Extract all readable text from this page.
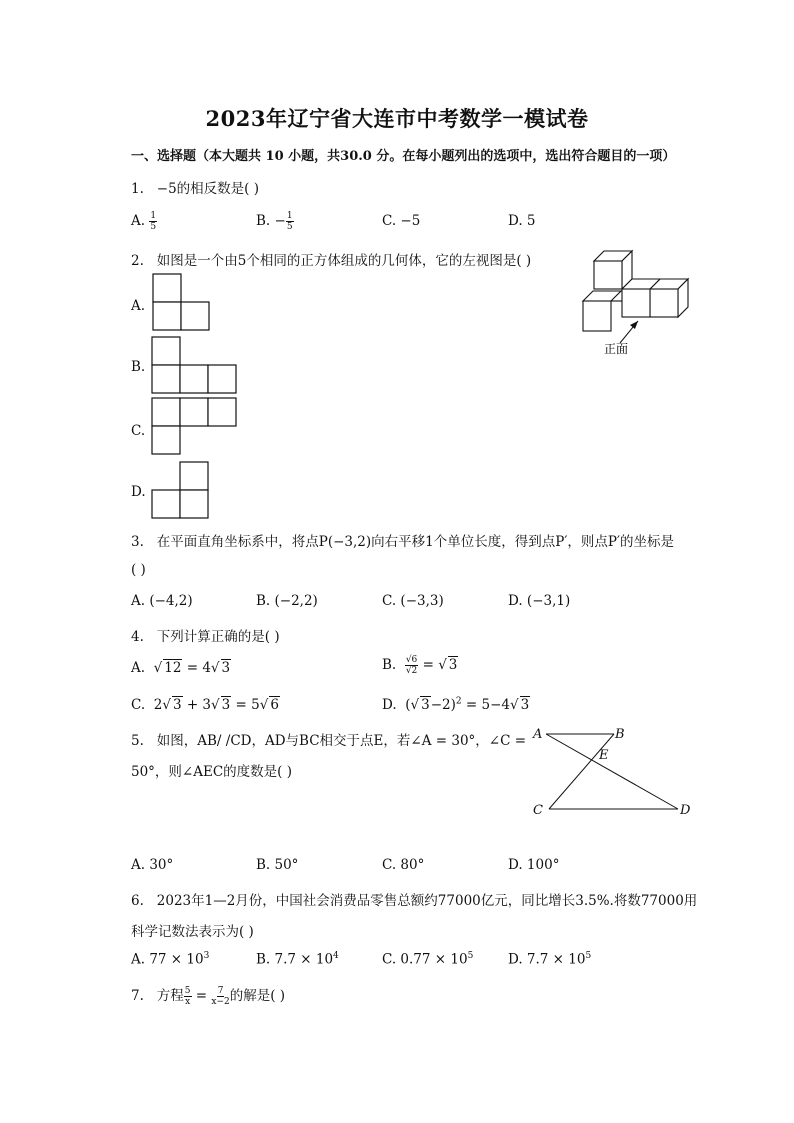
2023年辽宁省大连市中考数学一模试卷
一、选择题（本大题共 10 小题，共30.0 分。在每小题列出的选项中，选出符合题目的一项）
1. −5的相反数是( )
A. $\frac{1}{5}$	B. − $\frac{1}{5}$	C. −5	D. 5
2. 如图是一个由5个相同的正方体组成的几何体，它的左视图是( )
正面
A.
B.
C.
D.
3. 在平面直角坐标系中，将点P(−3,2)向右平移1个单位长度，得到点P′，则点P′的坐标是
( )
A. (−4,2)	B. (−2,2)	C. (−3,3)	D. (−3,1)
4. 下列计算正确的是( )
A. √ 12 = 4 √ 3	B. $\frac{√6}{√2}$ = √ 3
C. 2 √ 3 + 3 √ 3 = 5 √ 6	D. ( √ 3−2)$^2$ = 5−4 √ 3
5. 如图，AB/ /CD，AD与BC相交于点E，若∠A = 30°，∠C =
50°，则∠AEC的度数是( )
A	B
E
C	D
A. 30°	B. 50°	C. 80°	D. 100°
6. 2023年1—2月份，中国社会消费品零售总额约77000亿元，同比增长3.5%.将数77000用
科学记数法表示为( )
A. $77 \times 10^3$	B. $7.7 \times 10^4$	C. $0.77 \times 10^5$	D. $7.7 \times 10^5$
7. 方程 $\frac{5}{x} = \frac{7}{x-2}$ 的解是( )
